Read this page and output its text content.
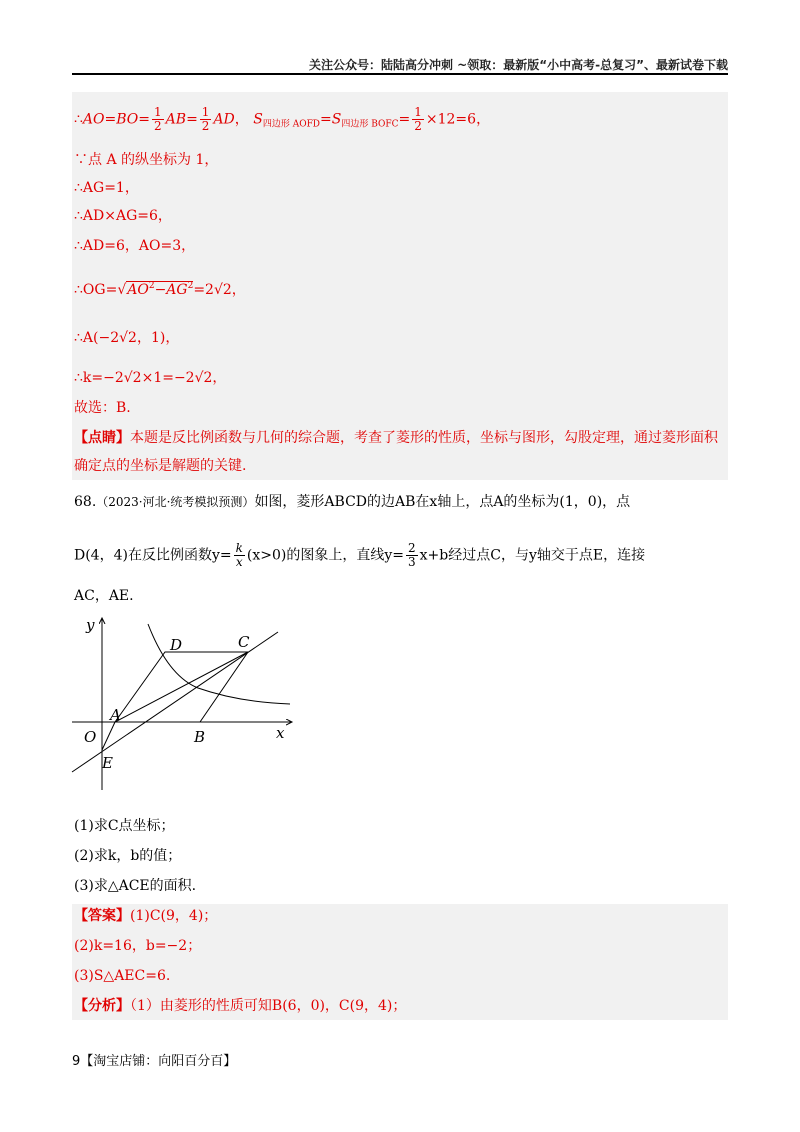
关注公众号：陆陆高分冲刺 ~领取：最新版“小中高考-总复习”、最新试卷下载
∴AO=BO= $\frac{1}{2} AB= \frac{1}{2}$ AD， $S_{四边形 AOFD}=S_{四边形 BOFC}= \frac{1}{2} \times 12=6$，
∵点 A 的纵坐标为 1，
∴AG=1，
∴AD×AG=6，
∴AD=6，AO=3，
$\therefore OG=√AO^2-AG^2=2√2$，
∴A(−2√2，1)，
∴k=−2√2×1=−2√2，
故选：B.
【点睛】本题是反比例函数与几何的综合题，考查了菱形的性质，坐标与图形，勾股定理，通过菱形面积
确定点的坐标是解题的关键.
68.（2023·河北·统考模拟预测）如图，菱形ABCD的边AB在x轴上，点A的坐标为(1，0)，点
D(4，4)在反比例函数$y= \frac{k}{x} (x>0)$的图象上，直线$y= \frac{2}{3} x+b$经过点C，与y轴交于点E，连接
AC，AE.
y
x
O
A
B
C
D
E
(1)求C点坐标；
(2)求k，b的值；
(3)求△ACE的面积.
【答案】(1)C(9，4)；
(2)k=16，b=−2；
(3)S△AEC=6.
【分析】（1）由菱形的性质可知B(6，0)，C(9，4)；
9【淘宝店铺：向阳百分百】
